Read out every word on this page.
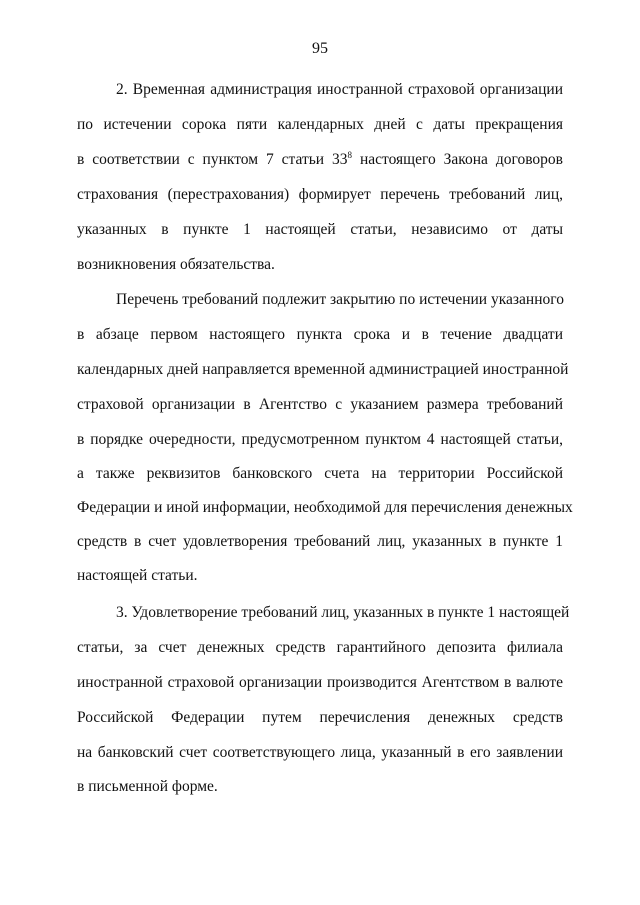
95
2. Временная администрация иностранной страховой организации
по истечении сорока пяти календарных дней с даты прекращения
в соответствии с пунктом 7 статьи $33^8$ настоящего Закона договоров
страхования (перестрахования) формирует перечень требований лиц,
указанных в пункте 1 настоящей статьи, независимо от даты
возникновения обязательства.
Перечень требований подлежит закрытию по истечении указанного
в абзаце первом настоящего пункта срока и в течение двадцати
календарных дней направляется временной администрацией иностранной
страховой организации в Агентство с указанием размера требований
в порядке очередности, предусмотренном пунктом 4 настоящей статьи,
а также реквизитов банковского счета на территории Российской
Федерации и иной информации, необходимой для перечисления денежных
средств в счет удовлетворения требований лиц, указанных в пункте 1
настоящей статьи.
3. Удовлетворение требований лиц, указанных в пункте 1 настоящей
статьи, за счет денежных средств гарантийного депозита филиала
иностранной страховой организации производится Агентством в валюте
Российской Федерации путем перечисления денежных средств
на банковский счет соответствующего лица, указанный в его заявлении
в письменной форме.
